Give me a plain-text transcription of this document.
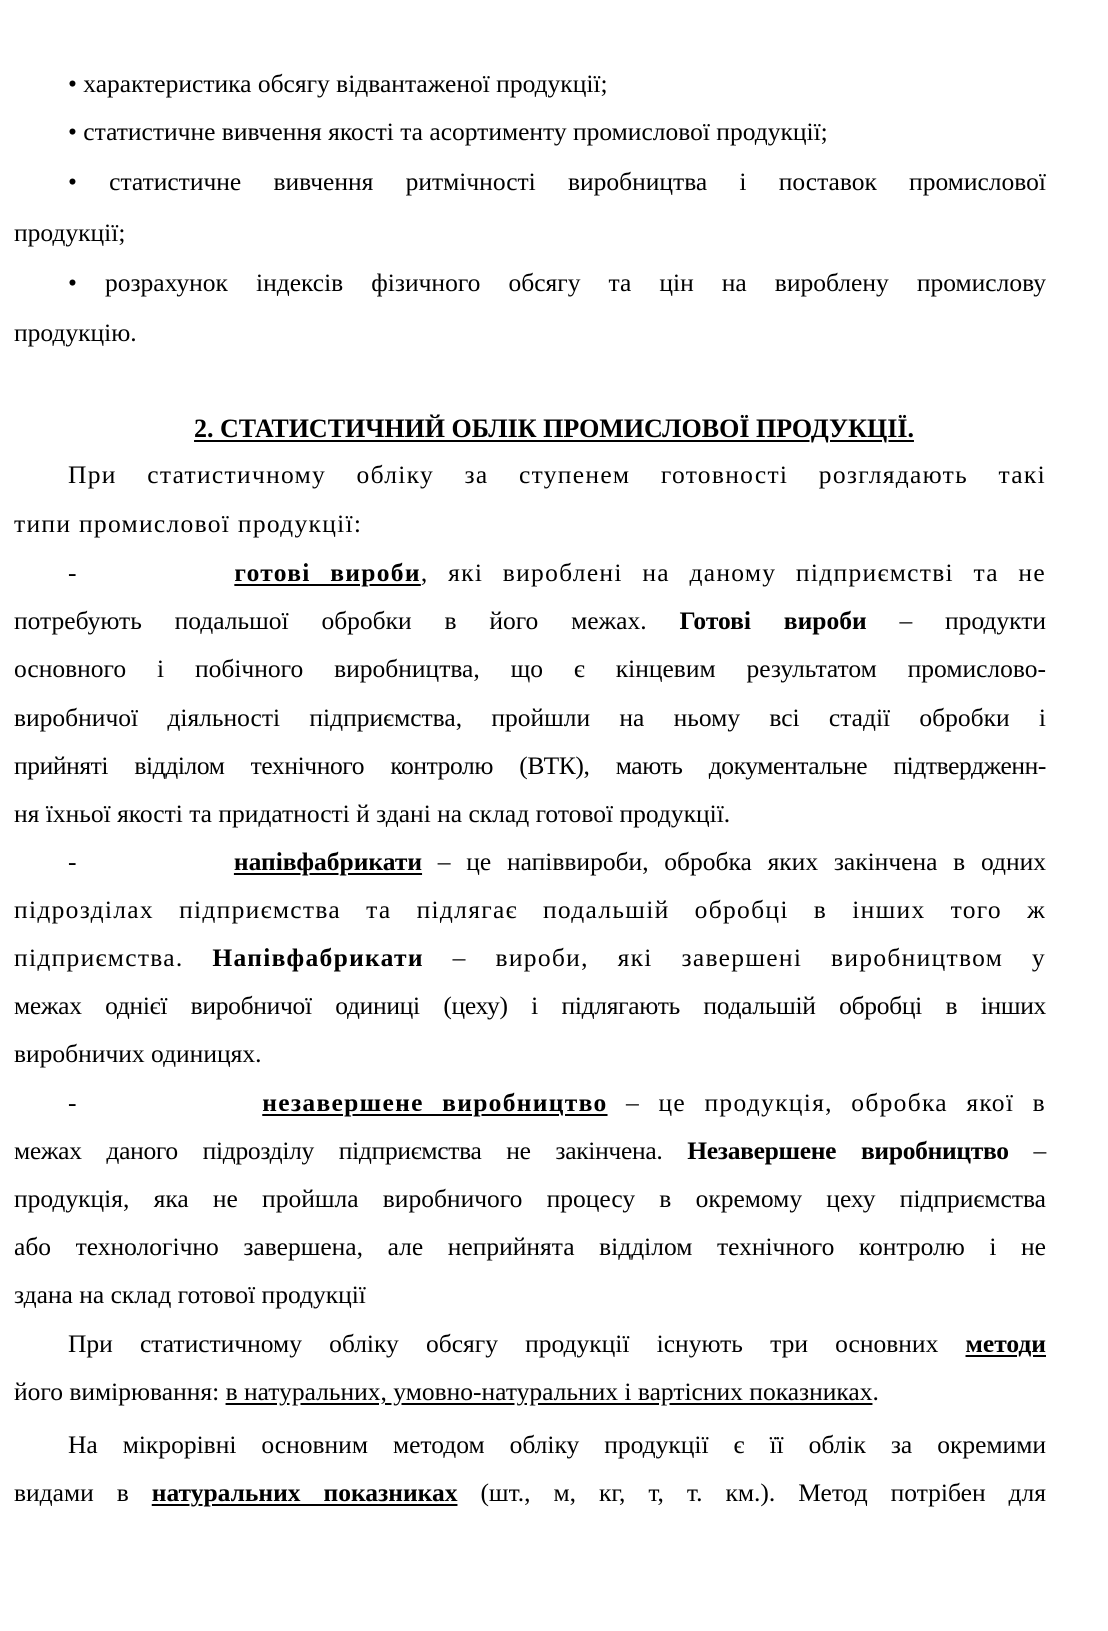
• характеристика обсягу відвантаженої продукції;
• статистичне вивчення якості та асортименту промислової продукції;
• статистичне вивчення ритмічності виробництва і поставок промислової
продукції;
• розрахунок індексів фізичного обсягу та цін на вироблену промислову
продукцію.
2. СТАТИСТИЧНИЙ ОБЛІК ПРОМИСЛОВОЇ ПРОДУКЦІЇ.
При статистичному обліку за ступенем готовності розглядають такі
типи промислової продукції:
-	готові вироби, які вироблені на даному підприємстві та не
потребують подальшої обробки в його межах. Готові вироби – продукти
основного і побічного виробництва, що є кінцевим результатом промислово-
виробничої діяльності підприємства, пройшли на ньому всі стадії обробки і
прийняті відділом технічного контролю (ВТК), мають документальне підтвердженн-
ня їхньої якості та придатності й здані на склад готової продукції.
-	напівфабрикати – це напіввироби, обробка яких закінчена в одних
підрозділах підприємства та підлягає подальшій обробці в інших того ж
підприємства. Напівфабрикати – вироби, які завершені виробництвом у
межах однієї виробничої одиниці (цеху) і підлягають подальшій обробці в інших
виробничих одиницях.
-	незавершене виробництво – це продукція, обробка якої в
межах даного підрозділу підприємства не закінчена. Незавершене виробництво –
продукція, яка не пройшла виробничого процесу в окремому цеху підприємства
або технологічно завершена, але неприйнята відділом технічного контролю і не
здана на склад готової продукції
При статистичному обліку обсягу продукції існують три основних методи
його вимірювання: в натуральних, умовно-натуральних і вартісних показниках.
На мікрорівні основним методом обліку продукції є її облік за окремими
видами в натуральних показниках (шт., м, кг, т, т. км.). Метод потрібен для
